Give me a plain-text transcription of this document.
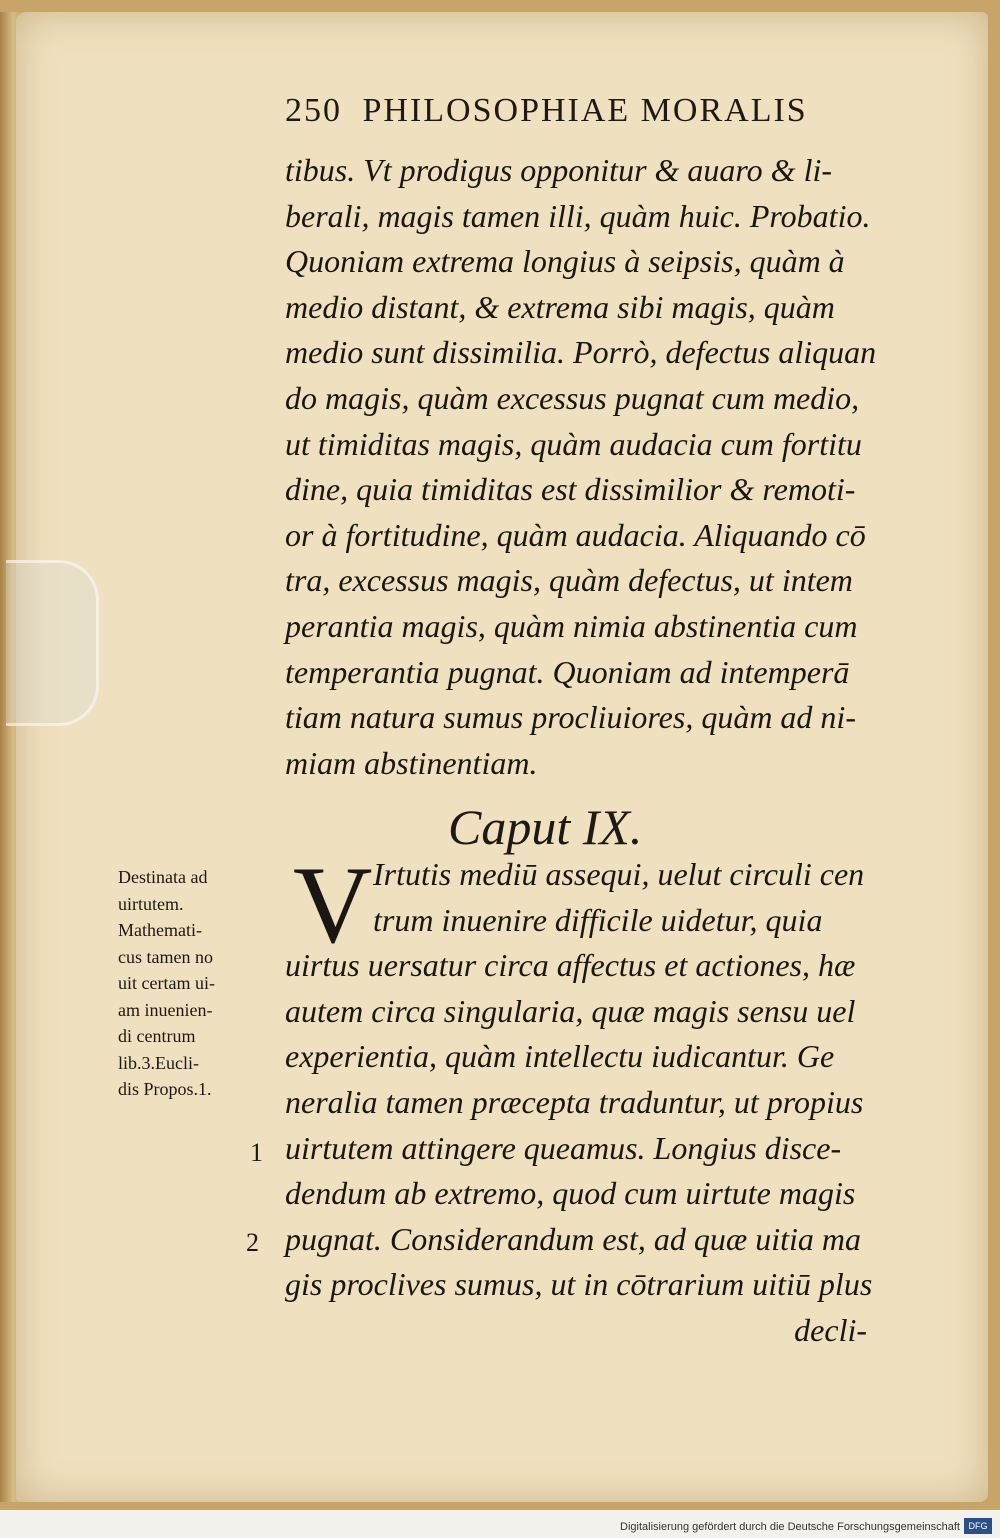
250 PHILOSOPHIAE MORALIS
tibus. Vt prodigus opponitur & auaro & li-
berali, magis tamen illi, quàm huic. Probatio.
Quoniam extrema longius à seipsis, quàm à
medio distant, & extrema sibi magis, quàm
medio sunt dissimilia. Porrò, defectus aliquan
do magis, quàm excessus pugnat cum medio,
ut timiditas magis, quàm audacia cum fortitu
dine, quia timiditas est dissimilior & remoti-
or à fortitudine, quàm audacia. Aliquando cō
tra, excessus magis, quàm defectus, ut intem
perantia magis, quàm nimia abstinentia cum
temperantia pugnat. Quoniam ad intemperā
tiam natura sumus procliuiores, quàm ad ni-
miam abstinentiam.
Caput IX.
V Irtutis mediū assequi, uelut circuli cen
trum inuenire difficile uidetur, quia
uirtus uersatur circa affectus et actiones, hæ
autem circa singularia, quæ magis sensu uel
experientia, quàm intellectu iudicantur. Ge
neralia tamen præcepta traduntur, ut propius
uirtutem attingere queamus. Longius disce-
dendum ab extremo, quod cum uirtute magis
pugnat. Considerandum est, ad quæ uitia ma
gis proclives sumus, ut in cōtrarium uitiū plus
decli-
Destinata ad
uirtutem.
Mathemati-
cus tamen no
uit certam ui-
am inuenien-
di centrum
lib.3.Eucli-
dis Propos.1.
1
2
Digitalisierung gefördert durch die Deutsche Forschungsgemeinschaft DFG
